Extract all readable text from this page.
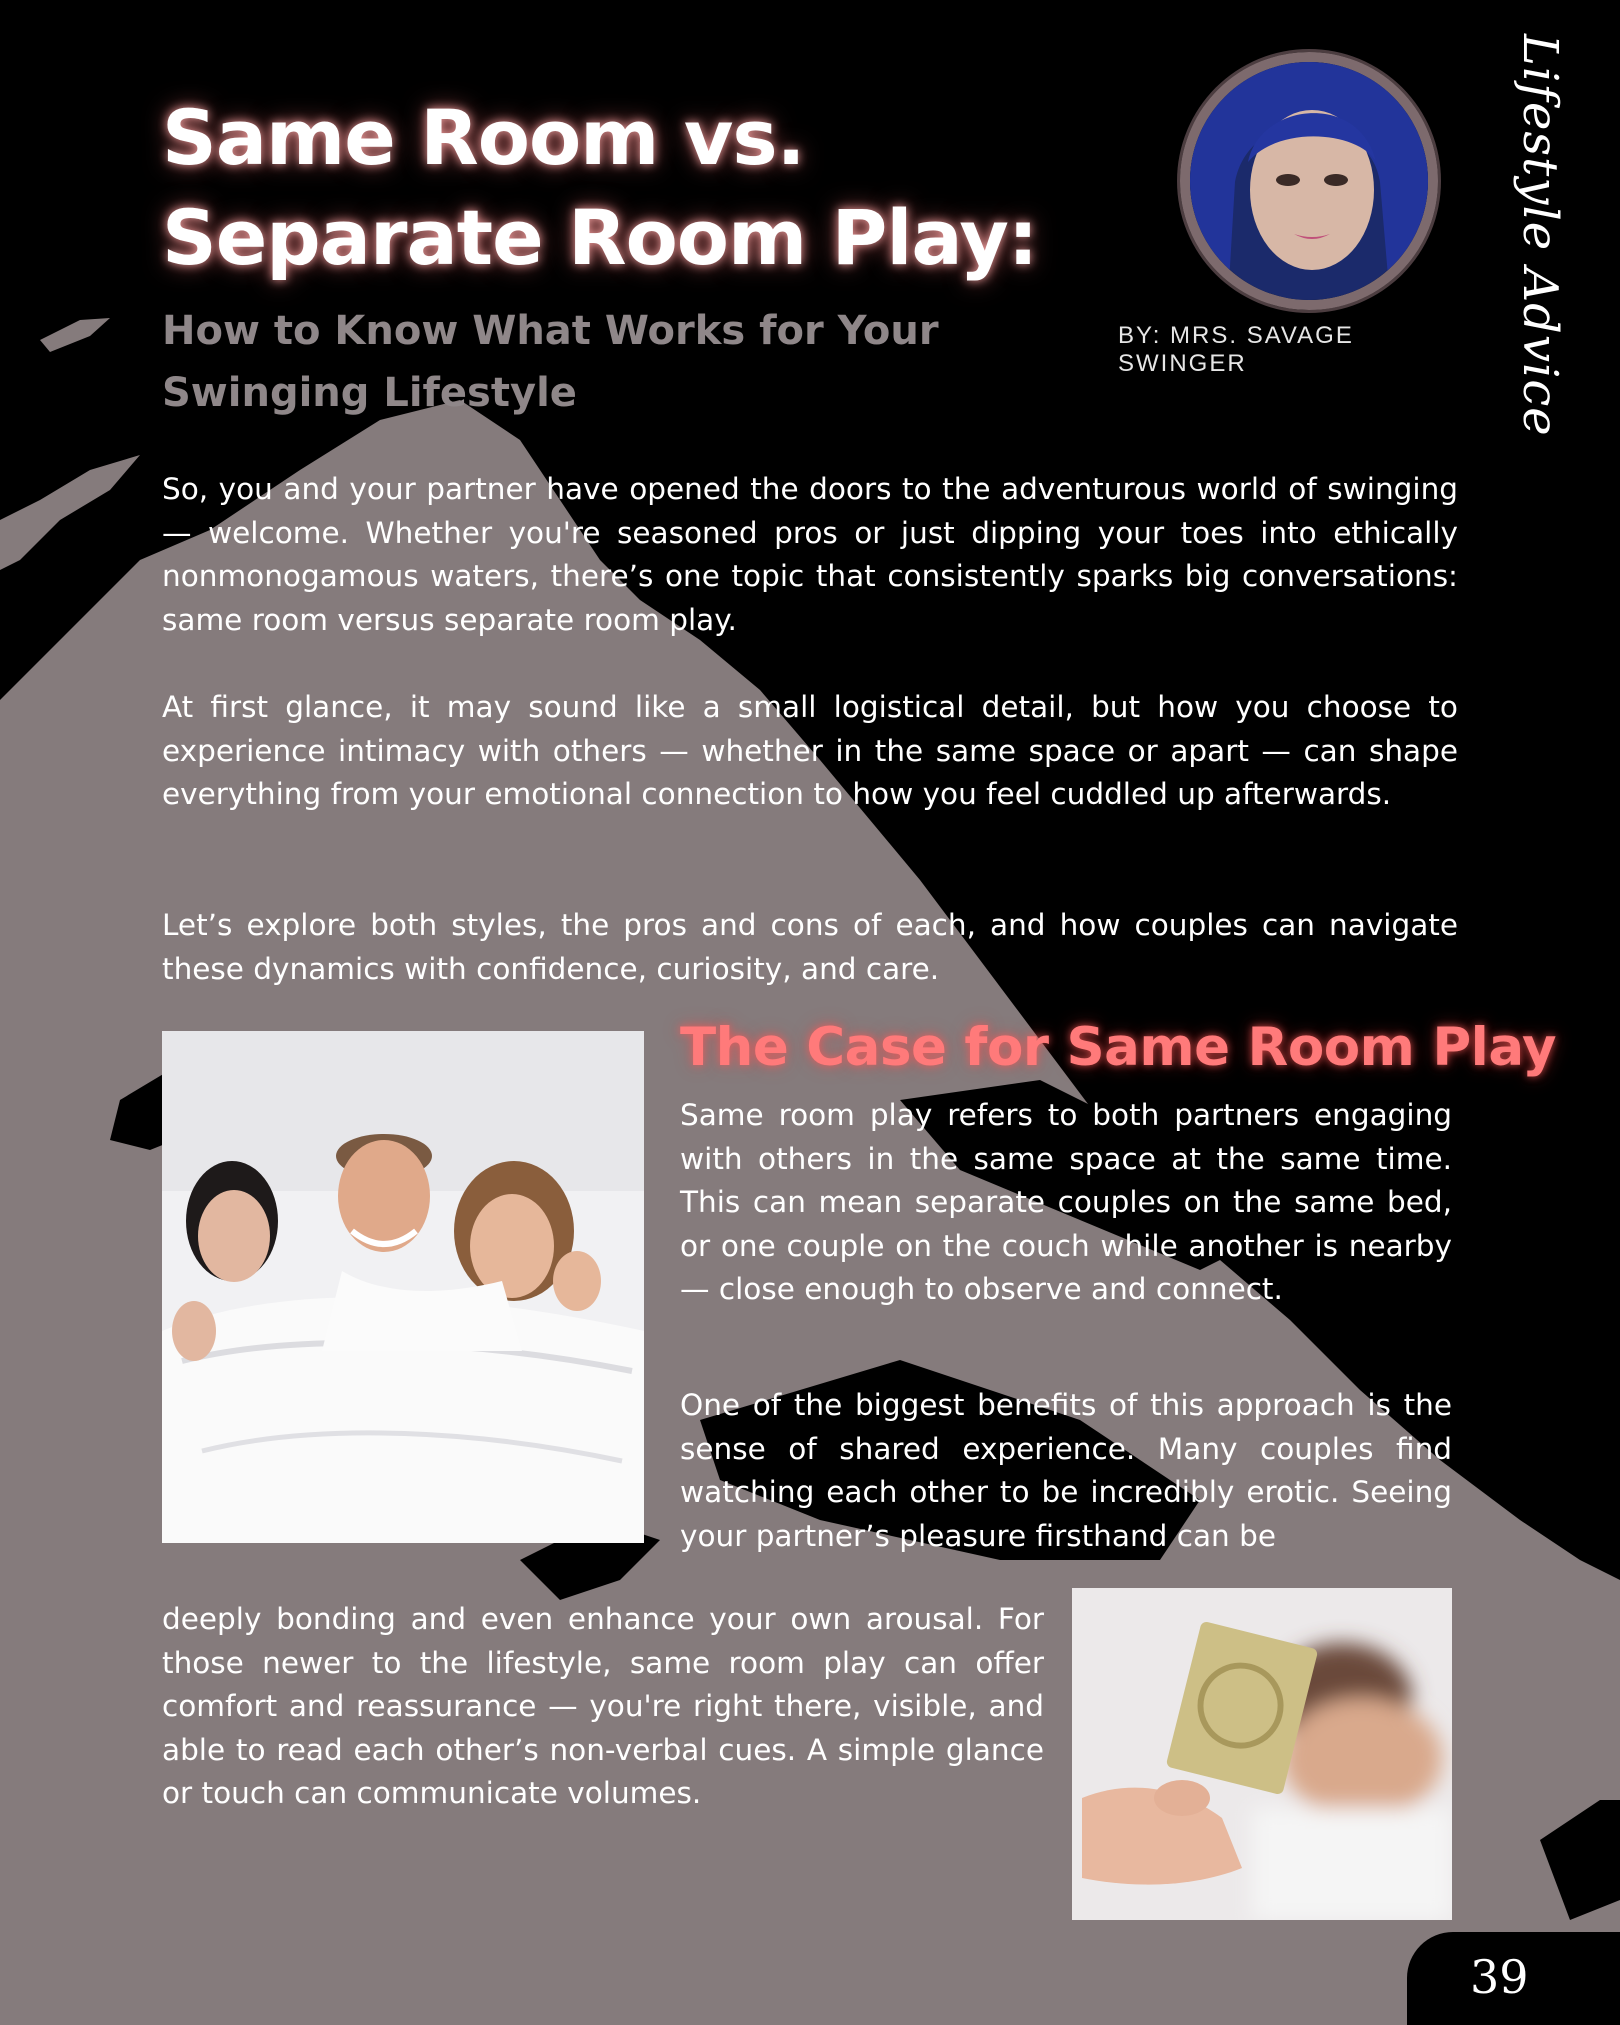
Same Room vs.
Separate Room Play:
How to Know What Works for Your
Swinging Lifestyle
BY: MRS. SAVAGE SWINGER	Lifestyle Advice

So, you and your partner have opened the doors to the adventurous world of swinging — welcome. Whether you're seasoned pros or just dipping your toes into ethically nonmonogamous waters, there’s one topic that consistently sparks big conversations: same room versus separate room play.

At first glance, it may sound like a small logistical detail, but how you choose to experience intimacy with others — whether in the same space or apart — can shape everything from your emotional connection to how you feel cuddled up afterwards.

Let’s explore both styles, the pros and cons of each, and how couples can navigate these dynamics with confidence, curiosity, and care.

The Case for Same Room Play

Same room play refers to both partners engaging with others in the same space at the same time. This can mean separate couples on the same bed, or one couple on the couch while another is nearby — close enough to observe and connect.

One of the biggest benefits of this approach is the sense of shared experience. Many couples find watching each other to be incredibly erotic. Seeing your partner’s pleasure firsthand can be

deeply bonding and even enhance your own arousal. For those newer to the lifestyle, same room play can offer comfort and reassurance — you're right there, visible, and able to read each other’s non-verbal cues. A simple glance or touch can communicate volumes.

39
